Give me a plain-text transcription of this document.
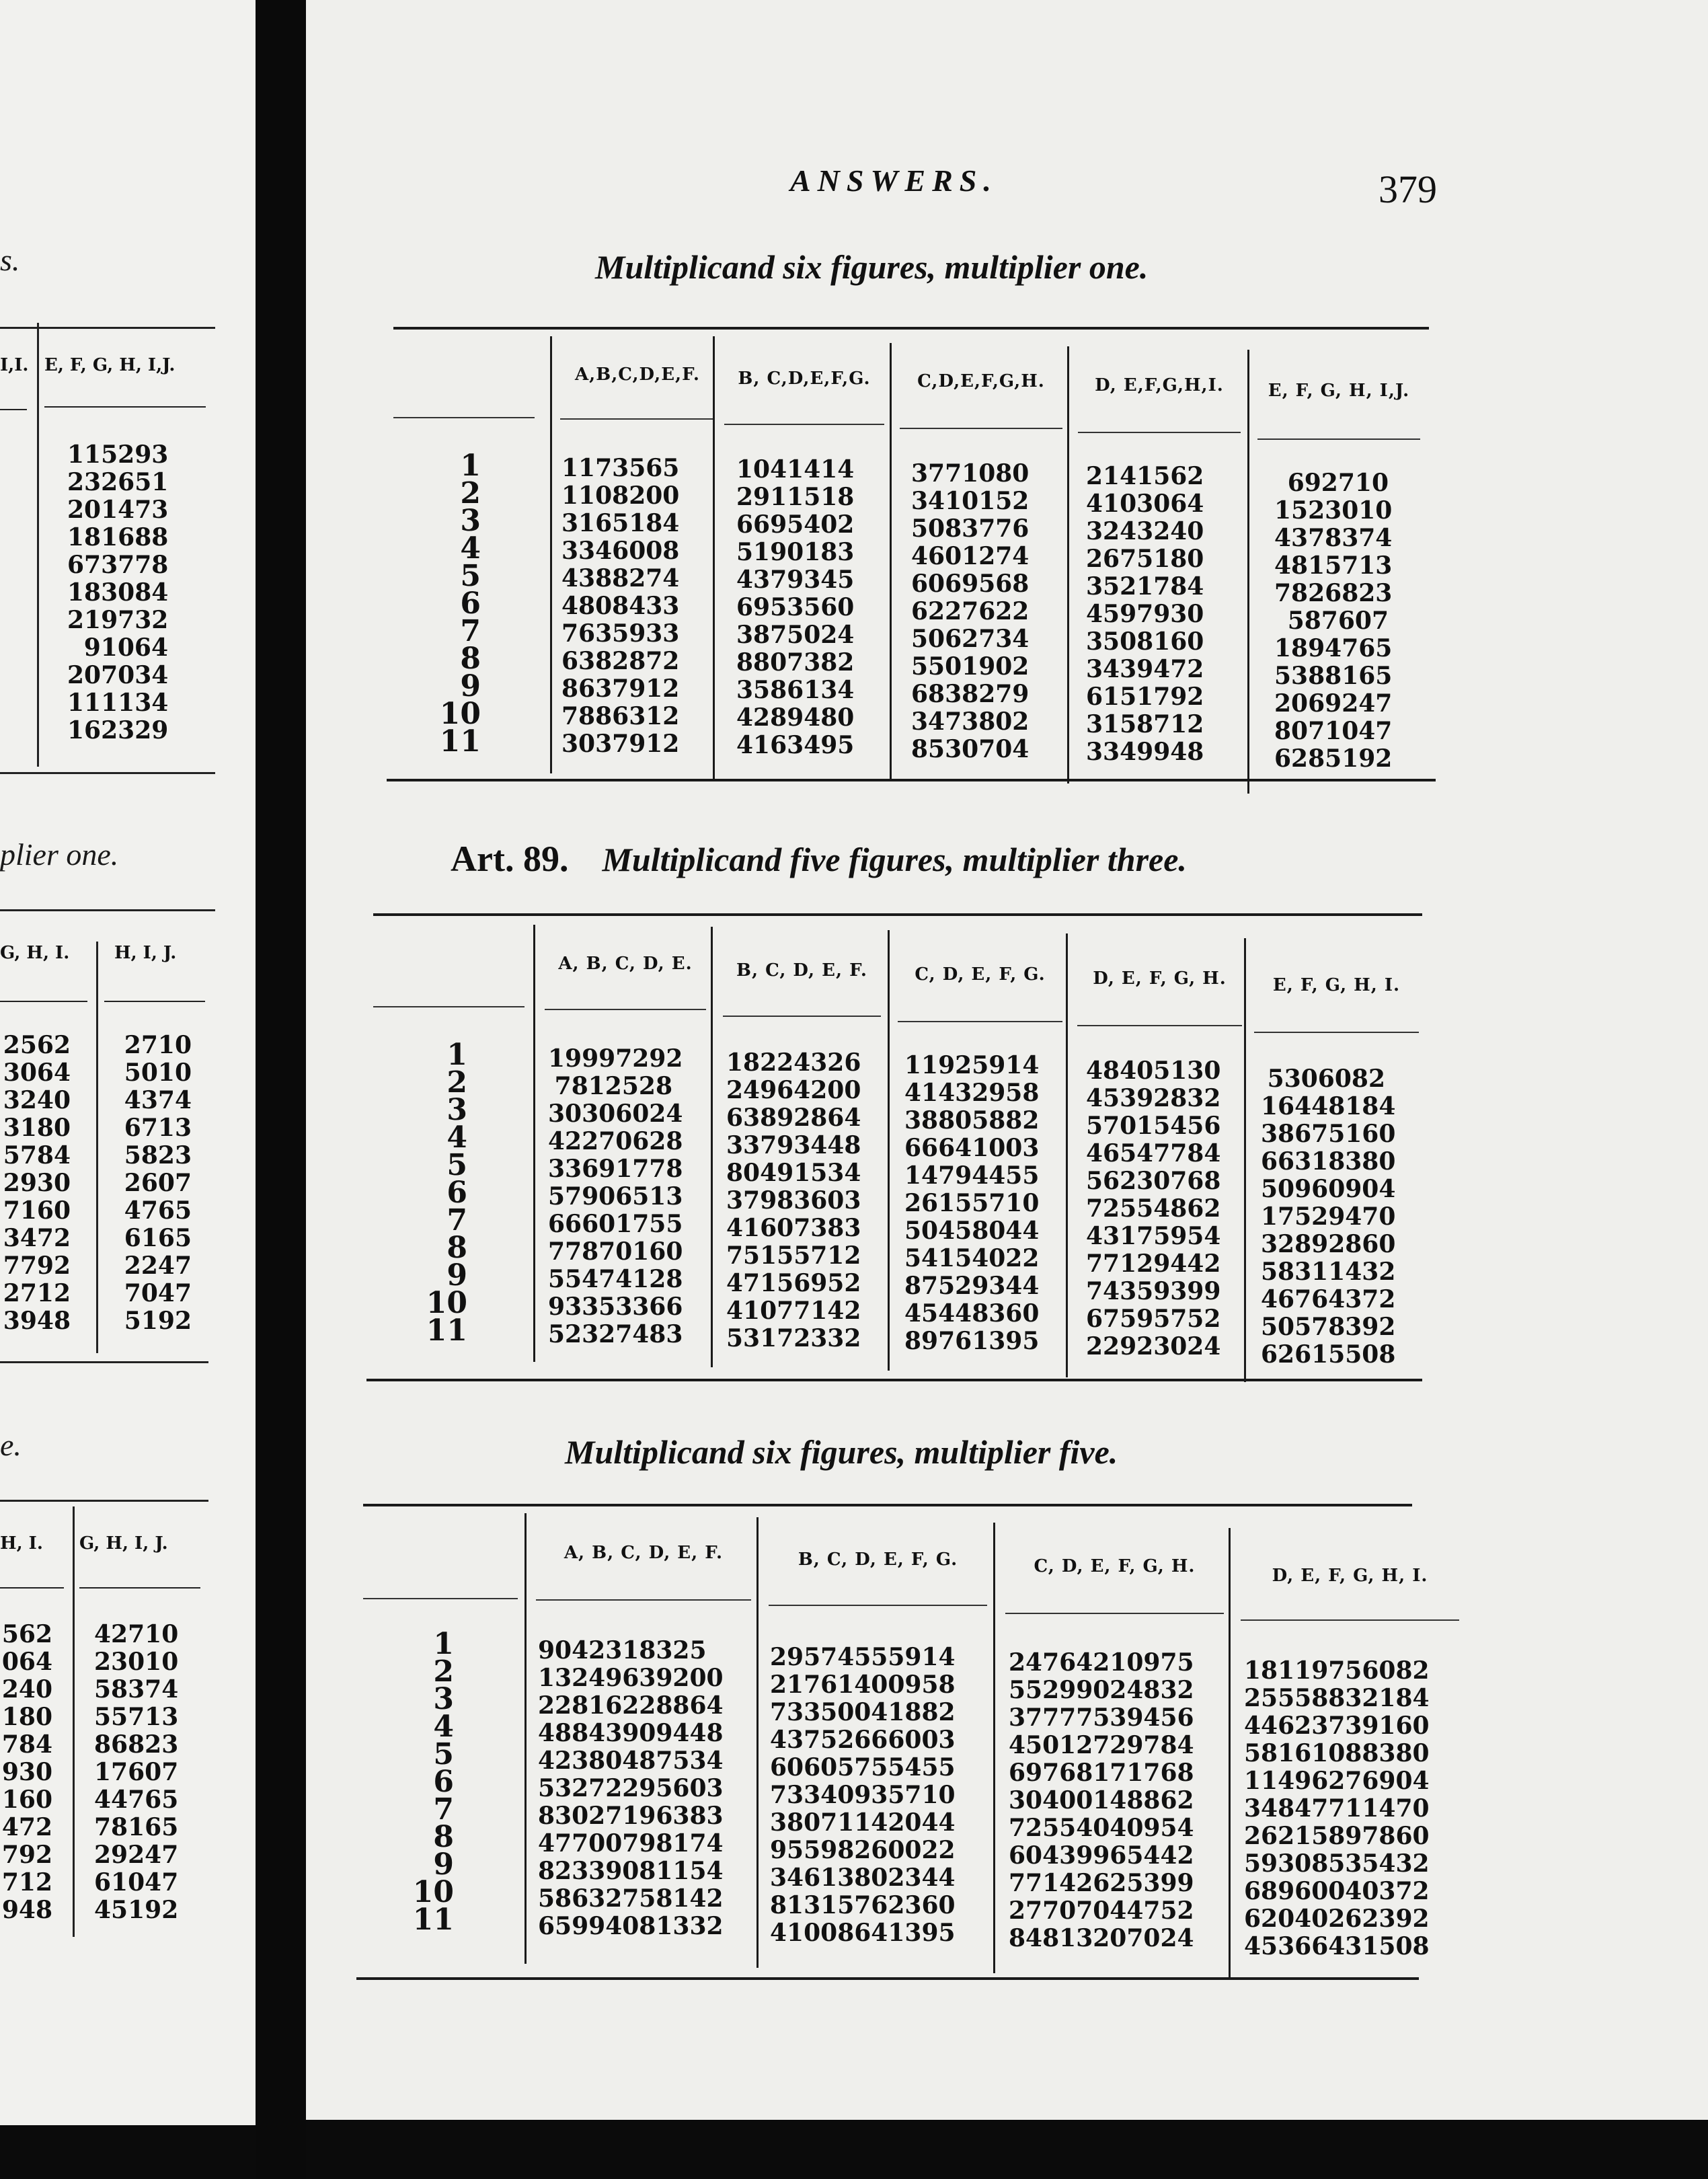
s.
I,I. E, F, G, H, I,J.
115293
232651
201473
181688
673778
183084
219732
91064
207034
111134
162329
plier one.
G, H, I.	H, I, J.
2562
3064
3240
3180
5784
2930
7160
3472
7792
2712
3948
2710
5010
4374
6713
5823
2607
4765
6165
2247
7047
5192
e.
H, I. G, H, I, J.
562
064
240
180
784
930
160
472
792
712
948
42710
23010
58374
55713
86823
17607
44765
78165
29247
61047
45192
ANSWERS.	379
Multiplicand six figures, multiplier one.
1
2
3
4
5
6
7
8
9
10
11
A,B,C,D,E,F.
1173565
1108200
3165184
3346008
4388274
4808433
7635933
6382872
8637912
7886312
3037912
B, C,D,E,F,G.
1041414
2911518
6695402
5190183
4379345
6953560
3875024
8807382
3586134
4289480
4163495
C,D,E,F,G,H.
3771080
3410152
5083776
4601274
6069568
6227622
5062734
5501902
6838279
3473802
8530704
D, E,F,G,H,I.
2141562
4103064
3243240
2675180
3521784
4597930
3508160
3439472
6151792
3158712
3349948
E, F, G, H, I,J.
692710
1523010
4378374
4815713
7826823
587607
1894765
5388165
2069247
8071047
6285192
Art. 89. Multiplicand five figures, multiplier three.
1
2
3
4
5
6
7
8
9
10
11
A, B, C, D, E.
19997292
7812528
30306024
42270628
33691778
57906513
66601755
77870160
55474128
93353366
52327483
B, C, D, E, F.
18224326
24964200
63892864
33793448
80491534
37983603
41607383
75155712
47156952
41077142
53172332
C, D, E, F, G.
11925914
41432958
38805882
66641003
14794455
26155710
50458044
54154022
87529344
45448360
89761395
D, E, F, G, H.
48405130
45392832
57015456
46547784
56230768
72554862
43175954
77129442
74359399
67595752
22923024
E, F, G, H, I.
5306082
16448184
38675160
66318380
50960904
17529470
32892860
58311432
46764372
50578392
62615508
Multiplicand six figures, multiplier five.
1
2
3
4
5
6
7
8
9
10
11
A, B, C, D, E, F.
9042318325
13249639200
22816228864
48843909448
42380487534
53272295603
83027196383
47700798174
82339081154
58632758142
65994081332
B, C, D, E, F, G.
29574555914
21761400958
73350041882
43752666003
60605755455
73340935710
38071142044
95598260022
34613802344
81315762360
41008641395
C, D, E, F, G, H.
24764210975
55299024832
37777539456
45012729784
69768171768
30400148862
72554040954
60439965442
77142625399
27707044752
84813207024
D, E, F, G, H, I.
18119756082
25558832184
44623739160
58161088380
11496276904
34847711470
26215897860
59308535432
68960040372
62040262392
45366431508
